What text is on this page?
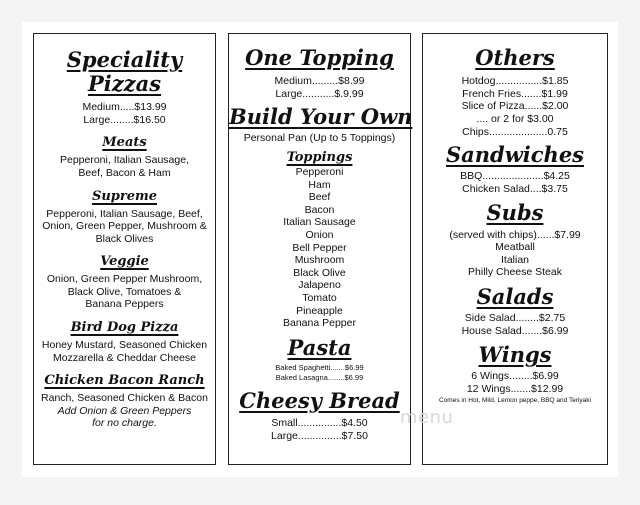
Speciality Pizzas

Medium.....$13.99

Large........$16.50

Meats

Pepperoni, Italian Sausage,

Beef, Bacon & Ham

Supreme

Pepperoni, Italian Sausage, Beef,

Onion, Green Pepper, Mushroom &

Black Olives

Veggie

Onion, Green Pepper Mushroom,

Black Olive, Tomatoes &

Banana Peppers

Bird Dog Pizza

Honey Mustard, Seasoned Chicken

Mozzarella & Cheddar Cheese

Chicken Bacon Ranch

Ranch, Seasoned Chicken & Bacon

Add Onion & Green Peppers

for no charge.

One Topping

Medium.........$8.99

Large...........$.9.99

Build Your Own

Personal Pan (Up to 5 Toppings)

Toppings

Pepperoni

Ham

Beef

Bacon

Italian Sausage

Onion

Bell Pepper

Mushroom

Black Olive

Jalapeno

Tomato

Pineapple

Banana Pepper

Pasta

Baked Spaghetti.......$6.99

Baked Lasagna........$6.99

Cheesy Bread

Small...............$4.50

Large...............$7.50

Others

Hotdog................$1.85

French Fries.......$1.99

Slice of Pizza......$2.00

.... or 2 for $3.00

Chips....................0.75

Sandwiches

BBQ.....................$4.25

Chicken Salad....$3.75

Subs

(served with chips)......$7.99

Meatball

Italian

Philly Cheese Steak

Salads

Side Salad........$2.75

House Salad.......$6.99

Wings

6 Wings........$6.99

12 Wings.......$12.99

Comes in Hot, Mild, Lemon peppe, BBQ and Teriyaki

menu
